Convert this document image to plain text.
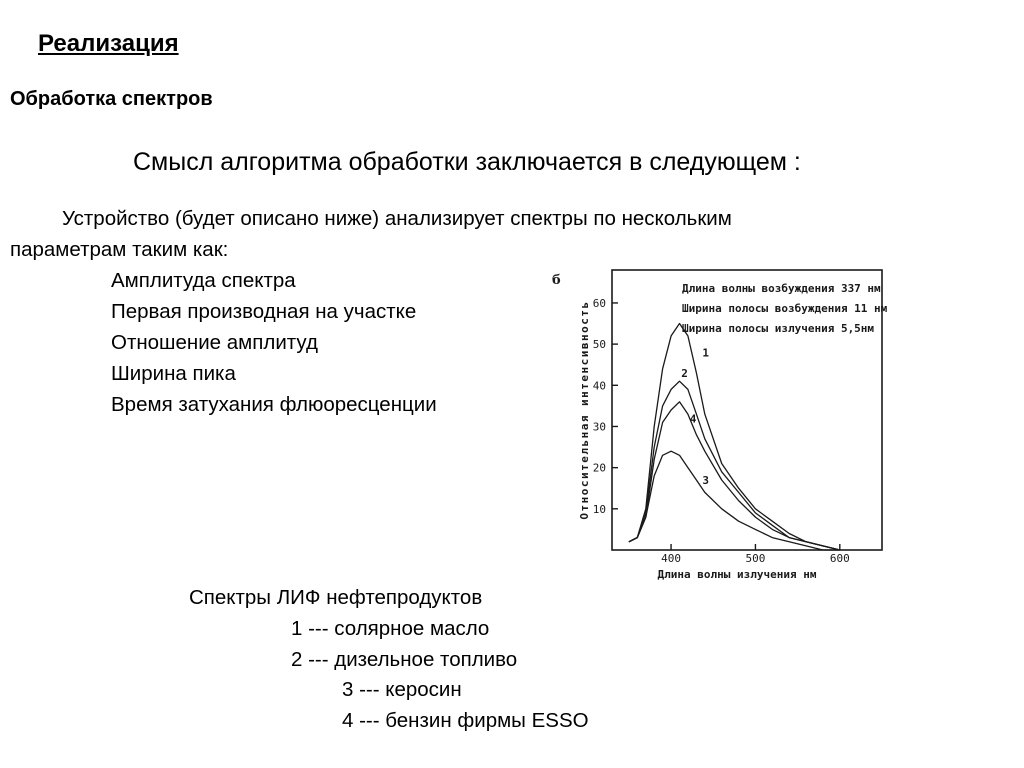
Реализация
Обработка спектров
Смысл алгоритма обработки заключается в следующем :
Устройство (будет описано ниже) анализирует спектры по нескольким
параметрам таким как:
Амплитуда спектра
Первая производная на участке
Отношение амплитуд
Ширина пика
Время затухания флюоресценции
10
20
30
40
50
60
400	500	600
1
2
3
4
Длина волны возбуждения 337 нм
Ширина полосы возбуждения 11 нм
Ширина полосы излучения 5,5нм
б
Относительная интенсивность
Длина волны излучения нм
Спектры ЛИФ нефтепродуктов
1 --- солярное масло
2 --- дизельное топливо
3 --- керосин
4 --- бензин фирмы ESSO
